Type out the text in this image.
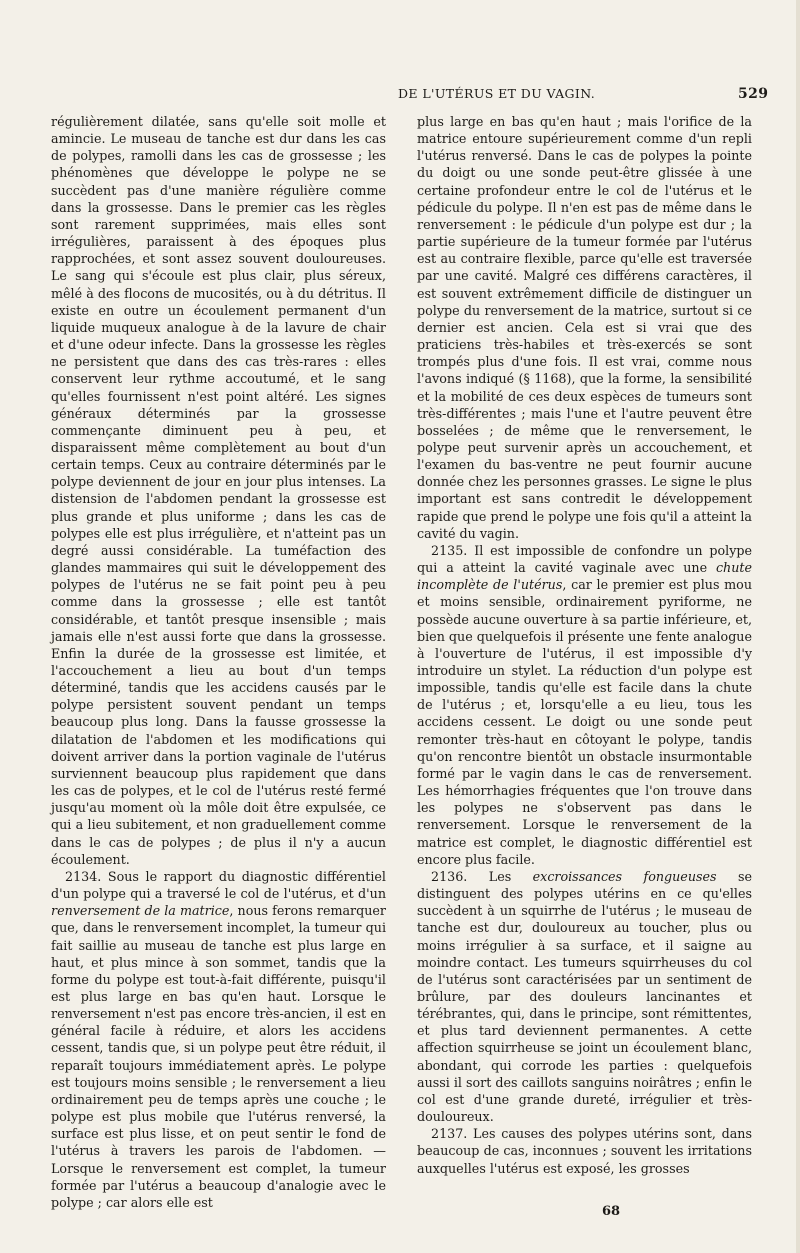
DE L'UTÉRUS ET DU VAGIN.	529

régulièrement dilatée, sans qu'elle soit molle et amincie. Le museau de tanche est dur dans les cas de polypes, ramolli dans les cas de grossesse ; les phénomènes que développe le polype ne se succèdent pas d'une manière régulière comme dans la grossesse. Dans le premier cas les règles sont rarement supprimées, mais elles sont irrégulières, paraissent à des époques plus rapprochées, et sont assez souvent douloureuses. Le sang qui s'écoule est plus clair, plus séreux, mêlé à des flocons de mucosités, ou à du détritus. Il existe en outre un écoulement permanent d'un liquide muqueux analogue à de la lavure de chair et d'une odeur infecte. Dans la grossesse les règles ne persistent que dans des cas très-rares : elles conservent leur rythme accoutumé, et le sang qu'elles fournissent n'est point altéré. Les signes généraux déterminés par la grossesse commençante diminuent peu à peu, et disparaissent même complètement au bout d'un certain temps. Ceux au contraire déterminés par le polype deviennent de jour en jour plus intenses. La distension de l'abdomen pendant la grossesse est plus grande et plus uniforme ; dans les cas de polypes elle est plus irrégulière, et n'atteint pas un degré aussi considérable. La tuméfaction des glandes mammaires qui suit le développement des polypes de l'utérus ne se fait point peu à peu comme dans la grossesse ; elle est tantôt considérable, et tantôt presque insensible ; mais jamais elle n'est aussi forte que dans la grossesse. Enfin la durée de la grossesse est limitée, et l'accouchement a lieu au bout d'un temps déterminé, tandis que les accidens causés par le polype persistent souvent pendant un temps beaucoup plus long. Dans la fausse grossesse la dilatation de l'abdomen et les modifications qui doivent arriver dans la portion vaginale de l'utérus surviennent beaucoup plus rapidement que dans les cas de polypes, et le col de l'utérus resté fermé jusqu'au moment où la môle doit être expulsée, ce qui a lieu subitement, et non graduellement comme dans le cas de polypes ; de plus il n'y a aucun écoulement.

2134. Sous le rapport du diagnostic différentiel d'un polype qui a traversé le col de l'utérus, et d'un renversement de la matrice, nous ferons remarquer que, dans le renversement incomplet, la tumeur qui fait saillie au museau de tanche est plus large en haut, et plus mince à son sommet, tandis que la forme du polype est tout-à-fait différente, puisqu'il est plus large en bas qu'en haut. Lorsque le renversement n'est pas encore très-ancien, il est en général facile à réduire, et alors les accidens cessent, tandis que, si un polype peut être réduit, il reparaît toujours immédiatement après. Le polype est toujours moins sensible ; le renversement a lieu ordinairement peu de temps après une couche ; le polype est plus mobile que l'utérus renversé, la surface est plus lisse, et on peut sentir le fond de l'utérus à travers les parois de l'abdomen. — Lorsque le renversement est complet, la tumeur formée par l'utérus a beaucoup d'analogie avec le polype ; car alors elle est

plus large en bas qu'en haut ; mais l'orifice de la matrice entoure supérieurement comme d'un repli l'utérus renversé. Dans le cas de polypes la pointe du doigt ou une sonde peut-être glissée à une certaine profondeur entre le col de l'utérus et le pédicule du polype. Il n'en est pas de même dans le renversement : le pédicule d'un polype est dur ; la partie supérieure de la tumeur formée par l'utérus est au contraire flexible, parce qu'elle est traversée par une cavité. Malgré ces différens caractères, il est souvent extrêmement difficile de distinguer un polype du renversement de la matrice, surtout si ce dernier est ancien. Cela est si vrai que des praticiens très-habiles et très-exercés se sont trompés plus d'une fois. Il est vrai, comme nous l'avons indiqué (§ 1168), que la forme, la sensibilité et la mobilité de ces deux espèces de tumeurs sont très-différentes ; mais l'une et l'autre peuvent être bosselées ; de même que le renversement, le polype peut survenir après un accouchement, et l'examen du bas-ventre ne peut fournir aucune donnée chez les personnes grasses. Le signe le plus important est sans contredit le développement rapide que prend le polype une fois qu'il a atteint la cavité du vagin.

2135. Il est impossible de confondre un polype qui a atteint la cavité vaginale avec une chute incomplète de l'utérus, car le premier est plus mou et moins sensible, ordinairement pyriforme, ne possède aucune ouverture à sa partie inférieure, et, bien que quelquefois il présente une fente analogue à l'ouverture de l'utérus, il est impossible d'y introduire un stylet. La réduction d'un polype est impossible, tandis qu'elle est facile dans la chute de l'utérus ; et, lorsqu'elle a eu lieu, tous les accidens cessent. Le doigt ou une sonde peut remonter très-haut en côtoyant le polype, tandis qu'on rencontre bientôt un obstacle insurmontable formé par le vagin dans le cas de renversement. Les hémorrhagies fréquentes que l'on trouve dans les polypes ne s'observent pas dans le renversement. Lorsque le renversement de la matrice est complet, le diagnostic différentiel est encore plus facile.

2136. Les excroissances fongueuses se distinguent des polypes utérins en ce qu'elles succèdent à un squirrhe de l'utérus ; le museau de tanche est dur, douloureux au toucher, plus ou moins irrégulier à sa surface, et il saigne au moindre contact. Les tumeurs squirrheuses du col de l'utérus sont caractérisées par un sentiment de brûlure, par des douleurs lancinantes et térébrantes, qui, dans le principe, sont rémittentes, et plus tard deviennent permanentes. A cette affection squirrheuse se joint un écoulement blanc, abondant, qui corrode les parties : quelquefois aussi il sort des caillots sanguins noirâtres ; enfin le col est d'une grande dureté, irrégulier et très-douloureux.

2137. Les causes des polypes utérins sont, dans beaucoup de cas, inconnues ; souvent les irritations auxquelles l'utérus est exposé, les grosses

68
